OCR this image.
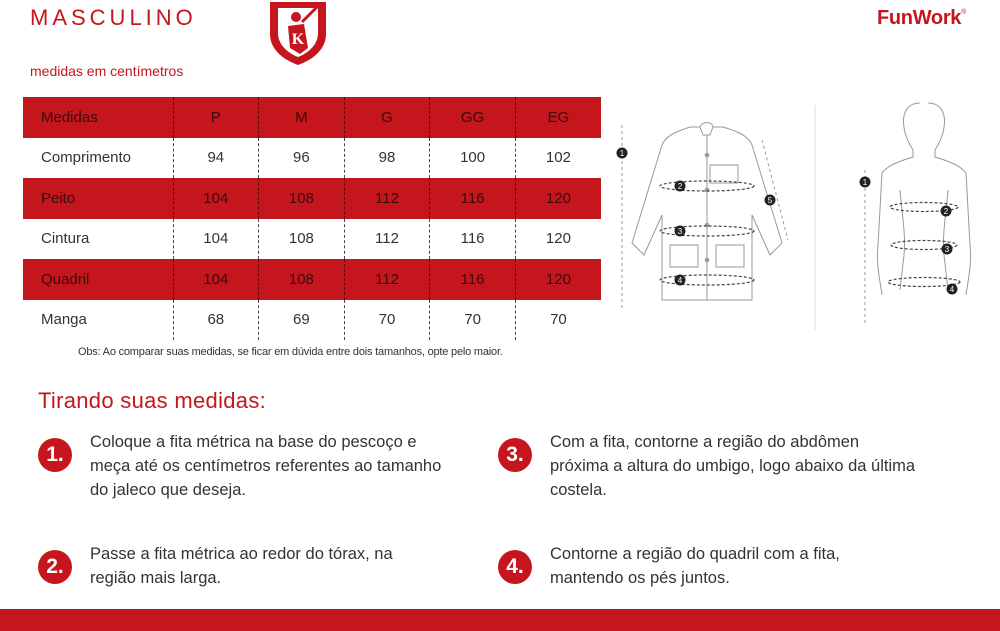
MASCULINO
K
FunWork®
medidas em centímetros
Medidas	P	M	G	GG	EG
Comprimento	94	96	98	100	102
Peito	104	108	112	116	120
Cintura	104	108	112	116	120
Quadril	104	108	112	116	120
Manga	68	69	70	70	70
Obs: Ao comparar suas medidas, se ficar em dúvida entre dois tamanhos, opte pelo maior.
1
2
3
4
5
1
2
3
4
Tirando suas medidas:
1.
Coloque a fita métrica na base do pescoço e meça até os centímetros referentes ao tamanho do jaleco que deseja.
3.
Com a fita, contorne a região do abdômen próxima a altura do umbigo, logo abaixo da última costela.
2.
Passe a fita métrica ao redor do tórax, na região mais larga.	4.
Contorne a região do quadril com a fita, mantendo os pés juntos.
